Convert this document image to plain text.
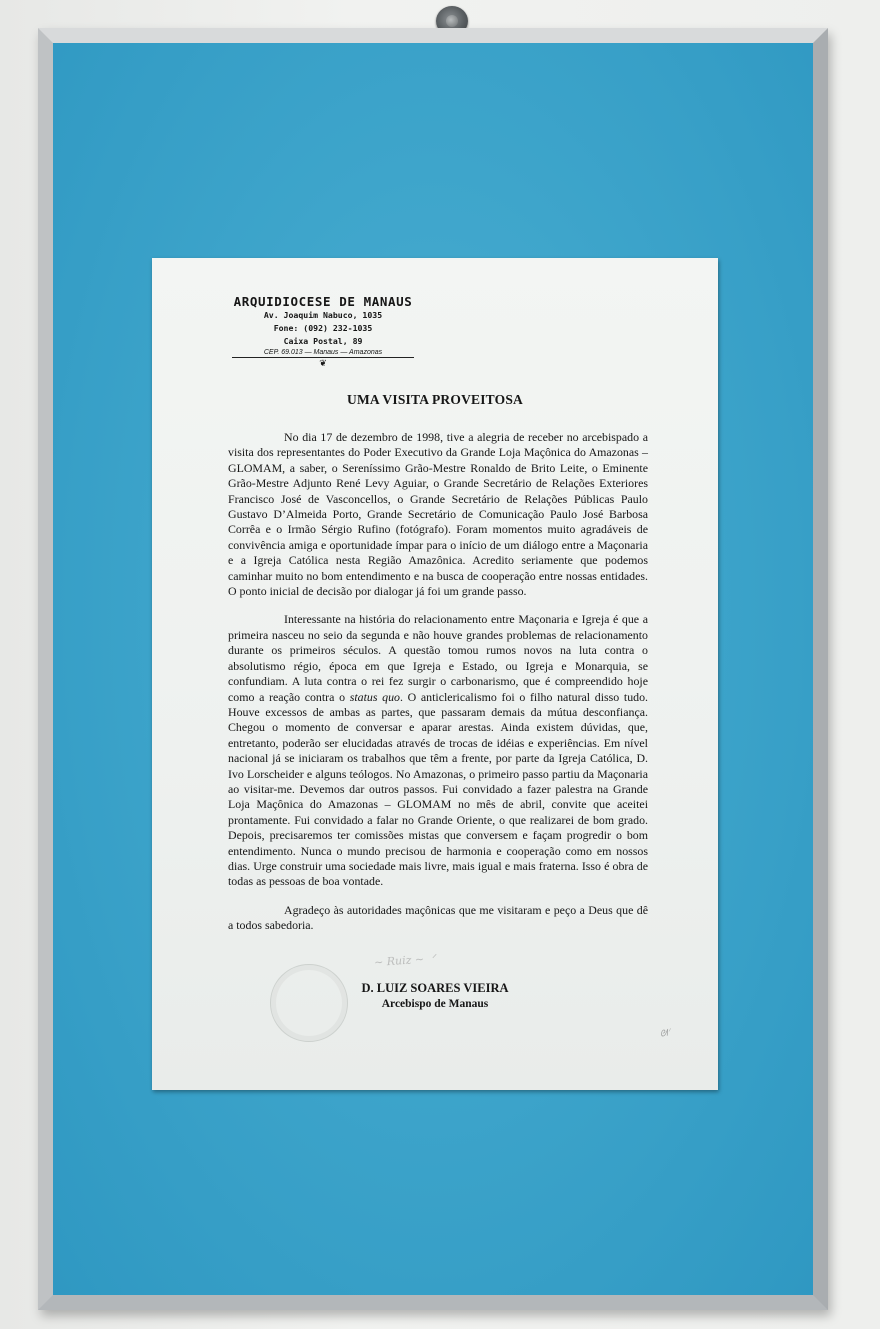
ARQUIDIOCESE DE MANAUS
Av. Joaquim Nabuco, 1035
Fone: (092) 232-1035
Caixa Postal, 89
CEP. 69.013 — Manaus — Amazonas
❦
UMA VISITA PROVEITOSA

No dia 17 de dezembro de 1998, tive a alegria de receber no arcebispado a visita dos representantes do Poder Executivo da Grande Loja Maçônica do Amazonas – GLOMAM, a saber, o Sereníssimo Grão-Mestre Ronaldo de Brito Leite, o Eminente Grão-Mestre Adjunto René Levy Aguiar, o Grande Secretário de Relações Exteriores Francisco José de Vasconcellos, o Grande Secretário de Relações Públicas Paulo Gustavo D’Almeida Porto, Grande Secretário de Comunicação Paulo José Barbosa Corrêa e o Irmão Sérgio Rufino (fotógrafo). Foram momentos muito agradáveis de convivência amiga e oportunidade ímpar para o início de um diálogo entre a Maçonaria e a Igreja Católica nesta Região Amazônica. Acredito seriamente que podemos caminhar muito no bom entendimento e na busca de cooperação entre nossas entidades. O ponto inicial de decisão por dialogar já foi um grande passo.

Interessante na história do relacionamento entre Maçonaria e Igreja é que a primeira nasceu no seio da segunda e não houve grandes problemas de relacionamento durante os primeiros séculos. A questão tomou rumos novos na luta contra o absolutismo régio, época em que Igreja e Estado, ou Igreja e Monarquia, se confundiam. A luta contra o rei fez surgir o carbonarismo, que é compreendido hoje como a reação contra o status quo. O anticlericalismo foi o filho natural disso tudo. Houve excessos de ambas as partes, que passaram demais da mútua desconfiança. Chegou o momento de conversar e aparar arestas. Ainda existem dúvidas, que, entretanto, poderão ser elucidadas através de trocas de idéias e experiências. Em nível nacional já se iniciaram os trabalhos que têm a frente, por parte da Igreja Católica, D. Ivo Lorscheider e alguns teólogos. No Amazonas, o primeiro passo partiu da Maçonaria ao visitar-me. Devemos dar outros passos. Fui convidado a fazer palestra na Grande Loja Maçônica do Amazonas – GLOMAM no mês de abril, convite que aceitei prontamente. Fui convidado a falar no Grande Oriente, o que realizarei de bom grado. Depois, precisaremos ter comissões mistas que conversem e façam progredir o bom entendimento. Nunca o mundo precisou de harmonia e cooperação como em nossos dias. Urge construir uma sociedade mais livre, mais igual e mais fraterna. Isso é obra de todas as pessoas de boa vontade.

Agradeço às autoridades maçônicas que me visitaram e peço a Deus que dê a todos sabedoria.

~ Ruiz ~  ᐟ
ᘛᐟ
D. LUIZ SOARES VIEIRA
Arcebispo de Manaus
